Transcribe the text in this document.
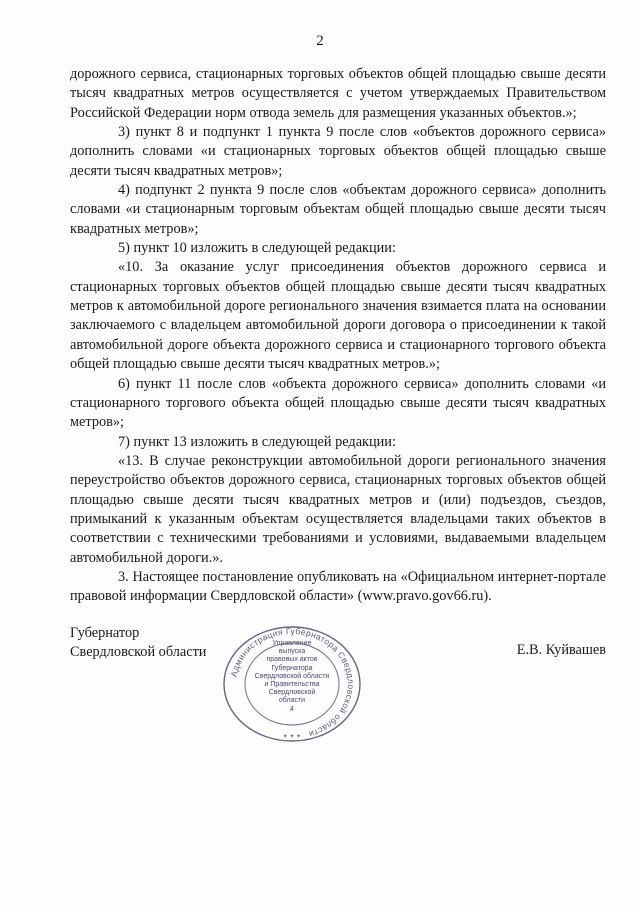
2

дорожного сервиса, стационарных торговых объектов общей площадью свыше десяти тысяч квадратных метров осуществляется с учетом утверждаемых Правительством Российской Федерации норм отвода земель для размещения указанных объектов.»;

3) пункт 8 и подпункт 1 пункта 9 после слов «объектов дорожного сервиса» дополнить словами «и стационарных торговых объектов общей площадью свыше десяти тысяч квадратных метров»;

4) подпункт 2 пункта 9 после слов «объектам дорожного сервиса» дополнить словами «и стационарным торговым объектам общей площадью свыше десяти тысяч квадратных метров»;

5) пункт 10 изложить в следующей редакции:

«10. За оказание услуг присоединения объектов дорожного сервиса и стационарных торговых объектов общей площадью свыше десяти тысяч квадратных метров к автомобильной дороге регионального значения взимается плата на основании заключаемого с владельцем автомобильной дороги договора о присоединении к такой автомобильной дороге объекта дорожного сервиса и стационарного торгового объекта общей площадью свыше десяти тысяч квадратных метров.»;

6) пункт 11 после слов «объекта дорожного сервиса» дополнить словами «и стационарного торгового объекта общей площадью свыше десяти тысяч квадратных метров»;

7) пункт 13 изложить в следующей редакции:

«13. В случае реконструкции автомобильной дороги регионального значения переустройство объектов дорожного сервиса, стационарных торговых объектов общей площадью свыше десяти тысяч квадратных метров и (или) подъездов, съездов, примыканий к указанным объектам осуществляется владельцами таких объектов в соответствии с техническими требованиями и условиями, выдаваемыми владельцем автомобильной дороги.».

3. Настоящее постановление опубликовать на «Официальном интернет-портале правовой информации Свердловской области» (www.pravo.gov66.ru).

Губернатор
Свердловской области
Администрация Губернатора Свердловской области
✦ ✦ ✦
Управление
выпуска
правовых актов
Губернатора
Свердловской области
и Правительства
Свердловской
области
4
Е.В. Куйвашев
